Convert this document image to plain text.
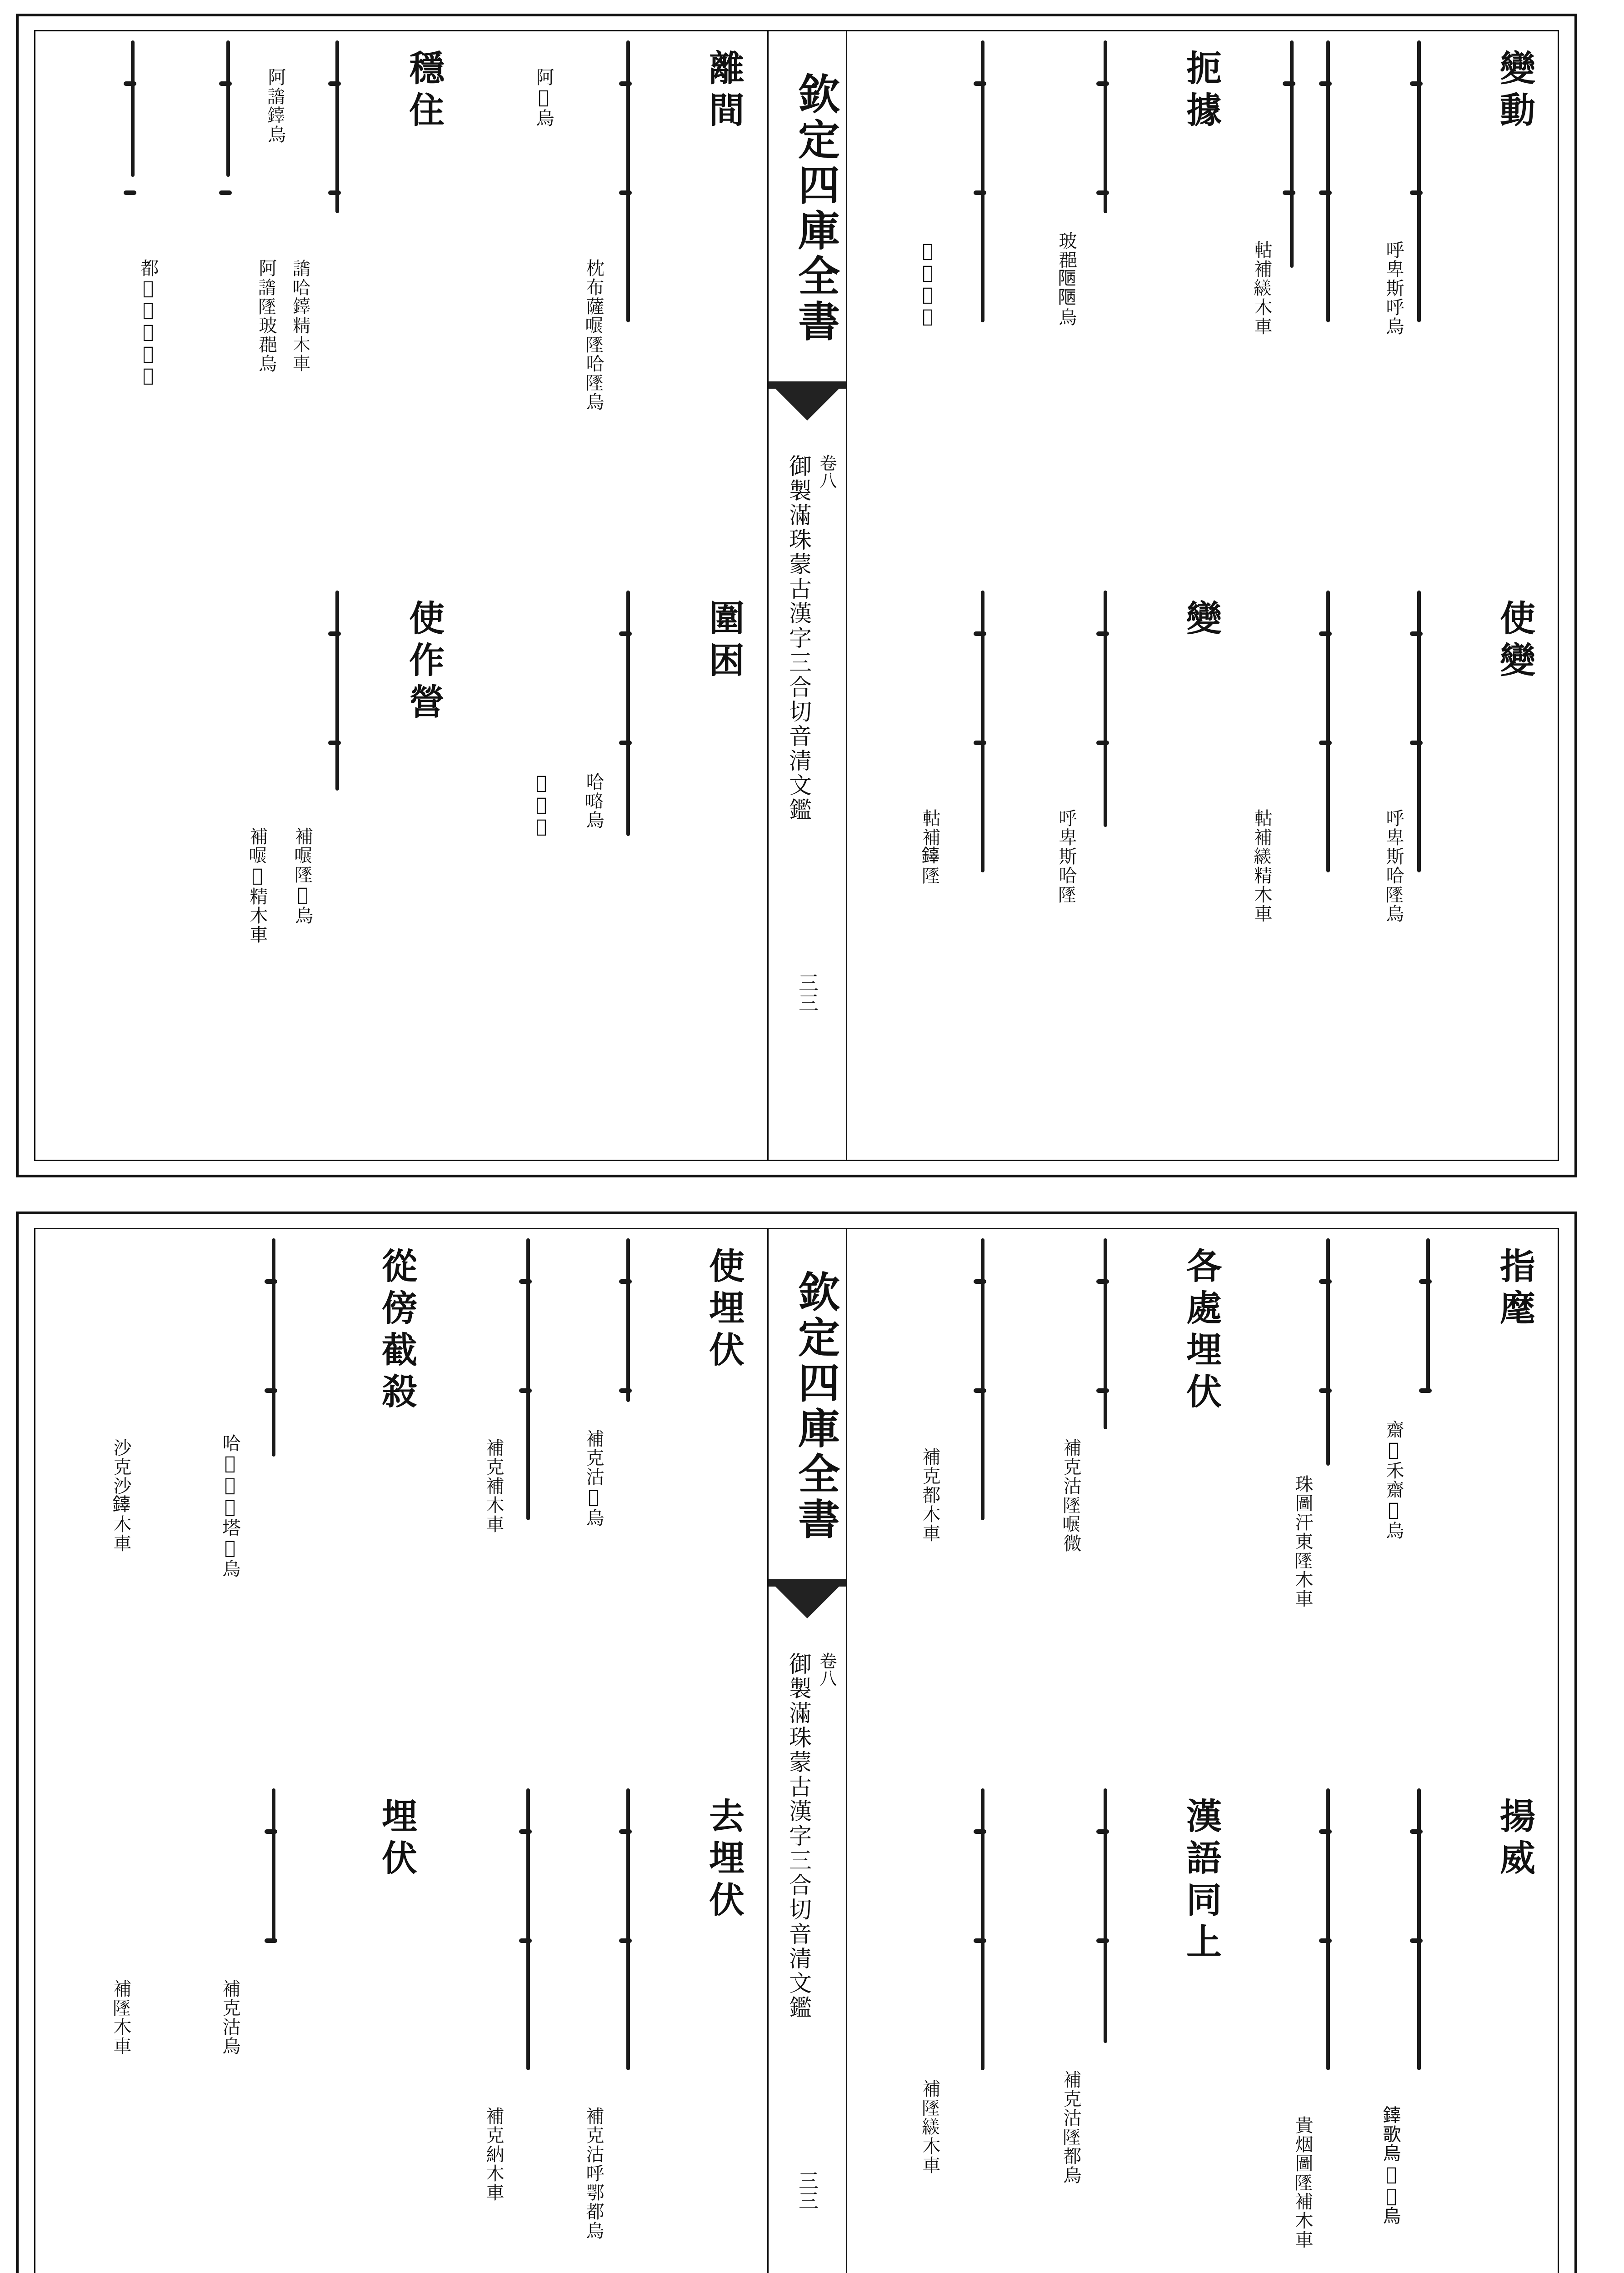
欽定四庫全書
卷八
御製滿珠蒙古漢字三合切音清文鑑
三三
變動
呼卑斯呼烏
軲補𦆀木車
使變
呼卑斯哈𨻐烏
軲補𦆀精木車
扼據
玻𨛦𨹟𨹟烏
𨫴科木車
變
呼卑斯哈𨻐
軲補𨬟𨻐
離間
枕布薩𠹖𨻐哈𨻐烏
阿𨫴烏
圍困
哈𠻐烏
𨫴木車
穩住
𧫐哈𨬟精木車
阿𧫐𨬟烏
使作營
補𠹖𨻐𨫴烏
補𠹖𨫴精木車
阿𧫐𨻐玻𨛦烏
都𨫴𨻐𧫐𧫐𥒃
欽定四庫全書
卷八
御製滿珠蒙古漢字三合切音清文鑑
三三
指麾
齋𨫴禾齋𨫴烏
珠圖汗東𨻐木車
揚威
𨬟歌烏𨫴𠹖烏
貴烟圖𨻐補木車
各處埋伏
補克沽𨻐𠹖微
補克都木車
漢語同上
補克沽𨻐都烏
補𨻐𦆀木車
使埋伏
補克沽𨫴烏
補克補木車
去埋伏
補克沽呼鄂都烏
補克納木車
從傍截殺
哈𨫴𨻐𧫐塔𨻐烏
沙克沙𨬟木車
埋伏
補克沽烏
補𨻐木車
